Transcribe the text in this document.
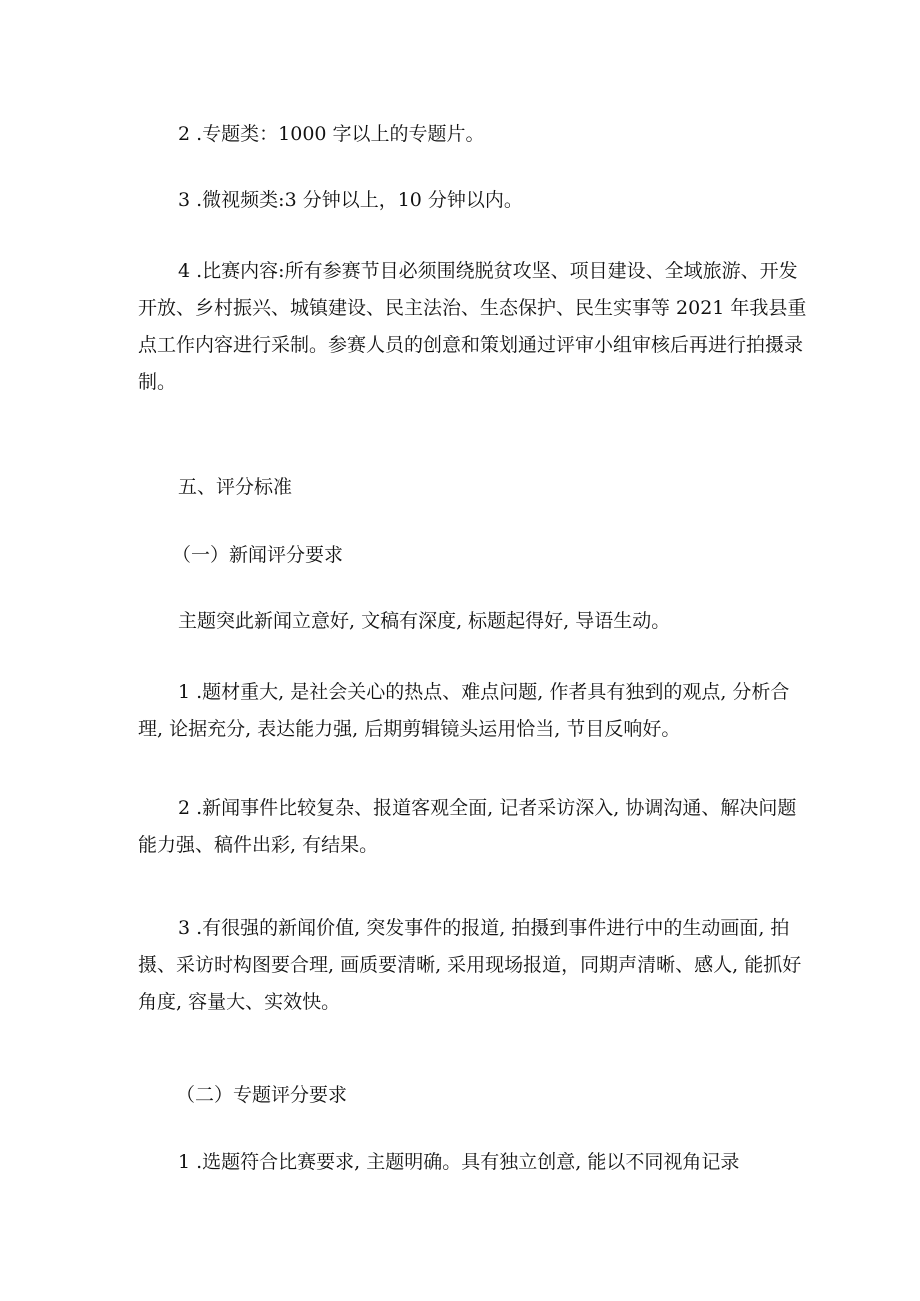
2 .专题类：1000 字以上的专题片。

3 .微视频类:3 分钟以上，10 分钟以内。

4 .比赛内容:所有参赛节目必须围绕脱贫攻坚、项目建设、全域旅游、开发开放、乡村振兴、城镇建设、民主法治、生态保护、民生实事等 2021 年我县重点工作内容进行采制。参赛人员的创意和策划通过评审小组审核后再进行拍摄录制。

五、评分标准

（一）新闻评分要求

主题突此新闻立意好, 文稿有深度, 标题起得好, 导语生动。

1 .题材重大, 是社会关心的热点、难点问题, 作者具有独到的观点, 分析合理, 论据充分, 表达能力强, 后期剪辑镜头运用恰当, 节目反响好。

2 .新闻事件比较复杂、报道客观全面, 记者采访深入, 协调沟通、解决问题能力强、稿件出彩, 有结果。

3 .有很强的新闻价值, 突发事件的报道, 拍摄到事件进行中的生动画面, 拍摄、采访时构图要合理, 画质要清晰, 采用现场报道，同期声清晰、感人, 能抓好角度, 容量大、实效快。

（二）专题评分要求

1 .选题符合比赛要求, 主题明确。具有独立创意, 能以不同视角记录
